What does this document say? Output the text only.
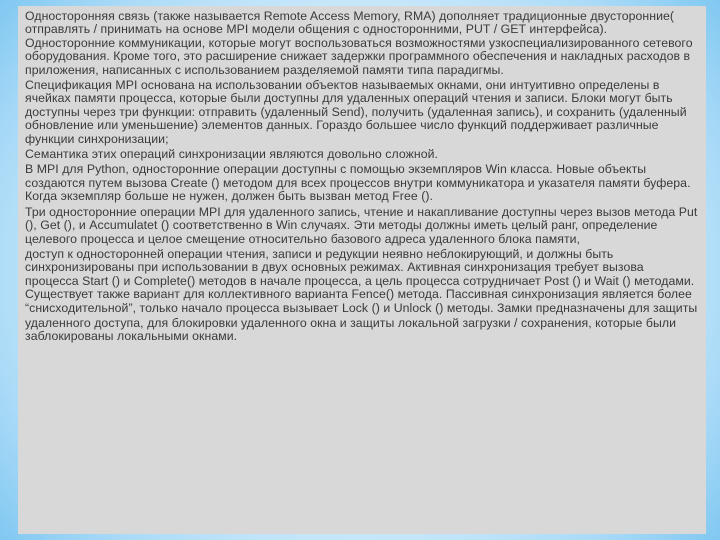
Односторонняя связь (также называется Remote Access Memory, RMA) дополняет традиционные двусторонние( отправлять / принимать на основе MPI модели общения с односторонними, PUT / GET интерфейса). Односторонние коммуникации, которые могут воспользоваться возможностями узкоспециализированного сетевого оборудования. Кроме того, это расширение снижает задержки программного обеспечения и накладных расходов в приложения, написанных с использованием разделяемой памяти типа парадигмы.

Спецификация MPI основана на использовании объектов называемых окнами, они интуитивно определены в ячейках памяти процесса, которые были доступны для удаленных операций чтения и записи. Блоки могут быть доступны через три функции: отправить (удаленный Send), получить (удаленная запись), и сохранить (удаленный обновление или уменьшение) элементов данных. Гораздо большее число функций поддерживает различные функции синхронизации;

Семантика этих операций синхронизации являются довольно сложной.

В MPI для Python, односторонние операции доступны с помощью экземпляров Win класса. Новые объекты создаются путем вызова Create () методом для всех процессов внутри коммуникатора и указателя памяти буфера. Когда экземпляр больше не нужен, должен быть вызван метод Free ().

Три односторонние операции MPI для удаленного запись, чтение и накапливание доступны через вызов метода Put (), Get (), и Accumulatet () соответственно в Win случаях. Эти методы должны иметь целый ранг, определение целевого процесса и целое смещение относительно базового адреса удаленного блока памяти,

доступ к односторонней операции чтения, записи и редукции неявно неблокирующий, и должны быть синхронизированы при использовании в двух основных режимах. Активная синхронизация требует вызова процесса Start () и Complete() методов в начале процесса, а цель процесса сотрудничает Post () и Wait () методами. Существует также вариант для коллективного варианта Fence() метода. Пассивная синхронизация является более “снисходительной”, только начало процесса вызывает Lock () и Unlock () методы. Замки предназначены для защиты

удаленного доступа, для блокировки удаленного окна и защиты локальной загрузки / сохранения, которые были заблокированы локальными окнами.
